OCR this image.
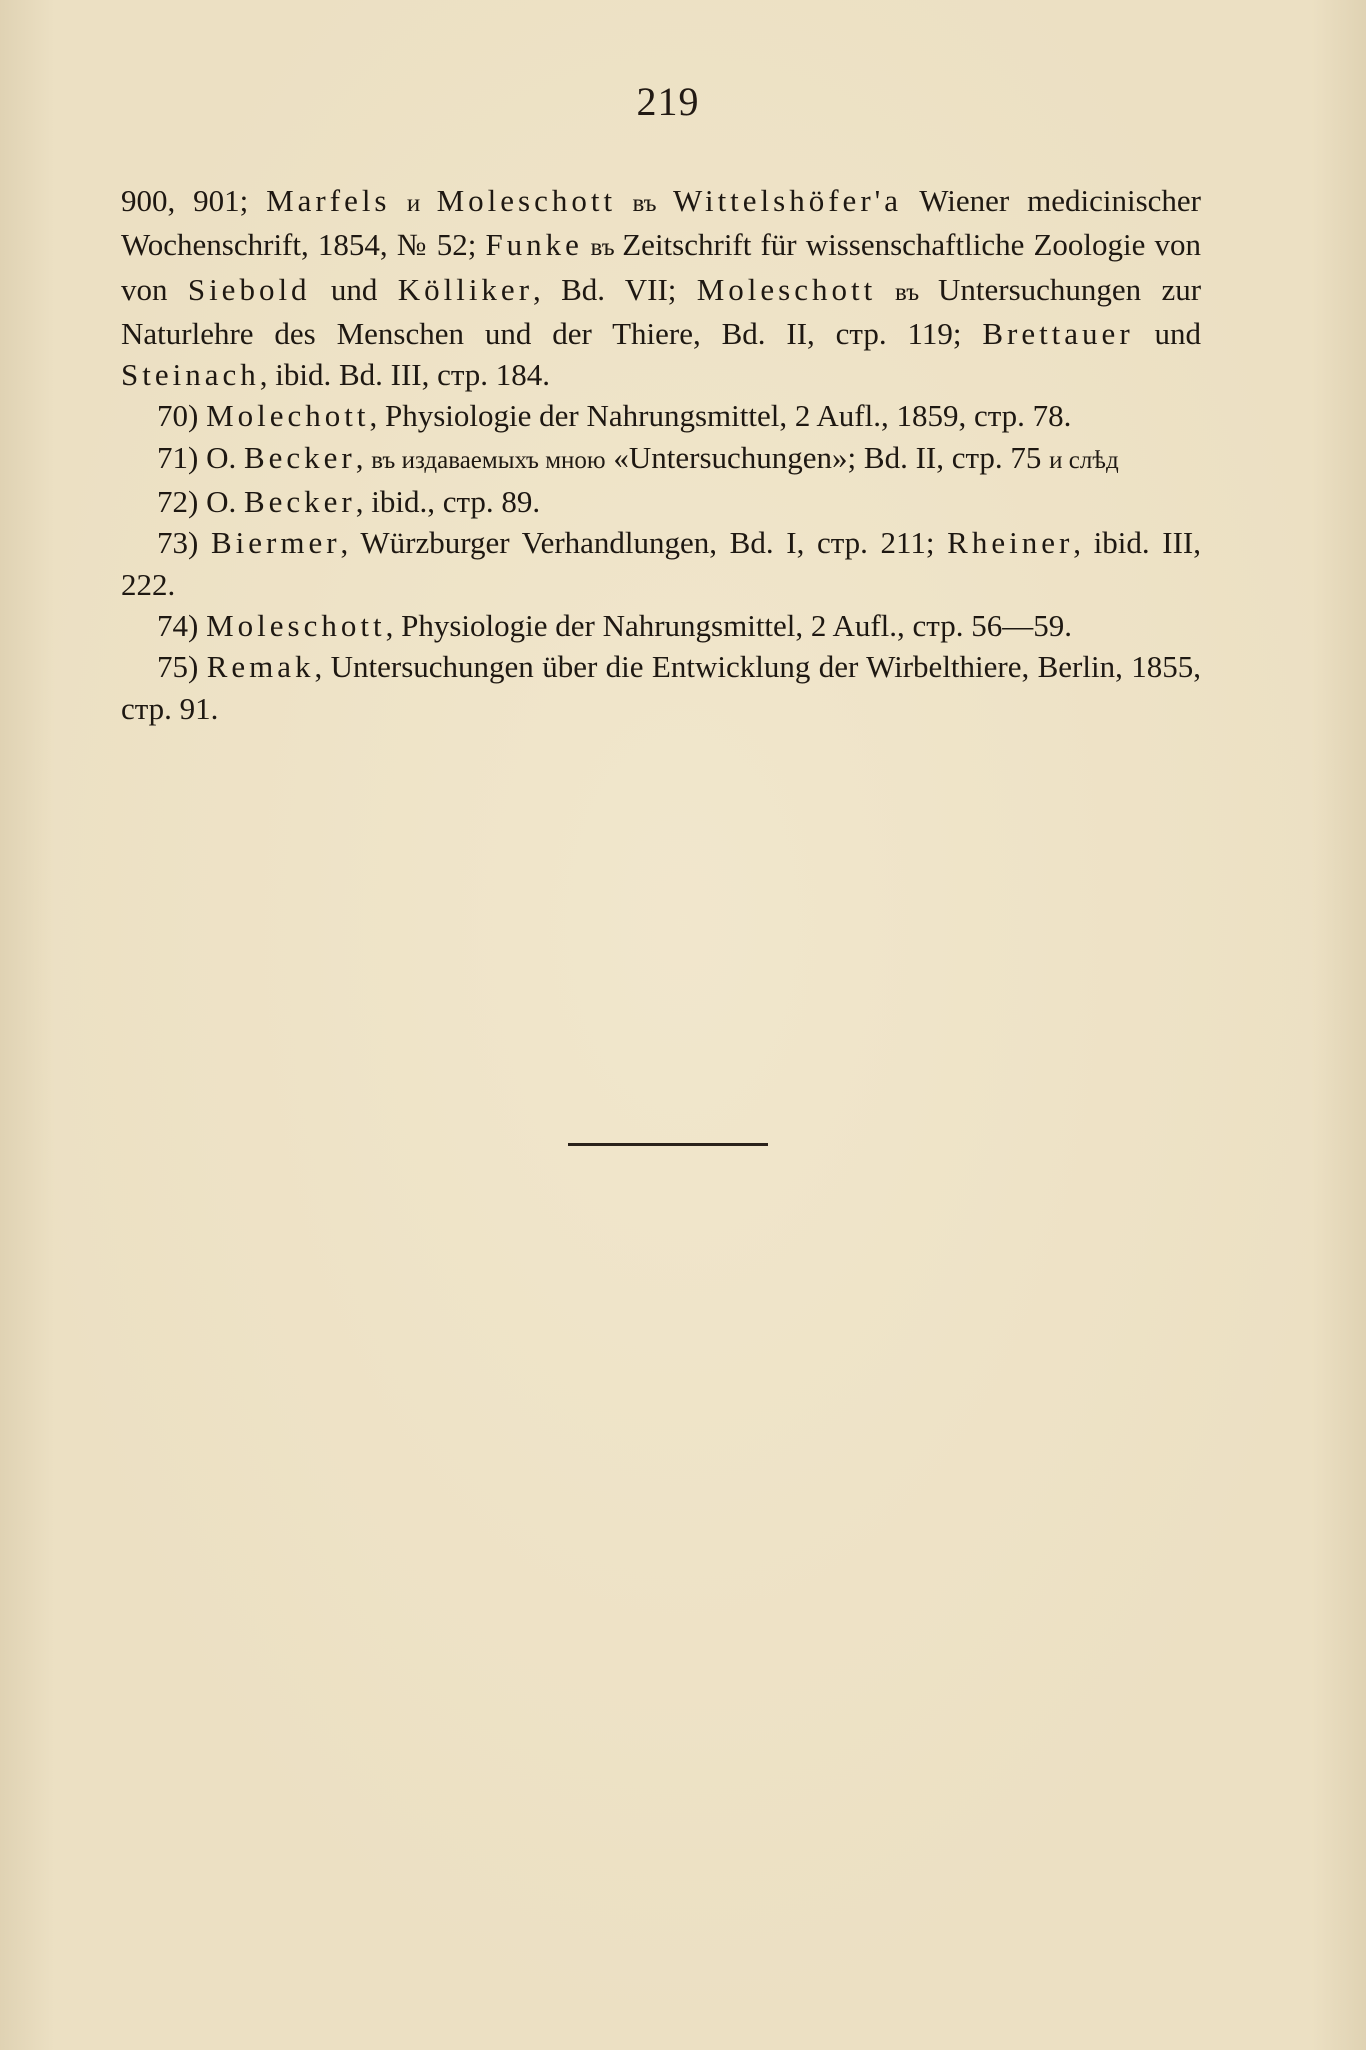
219

900, 901; Marfels и Moleschott въ Wittelshöfer'a Wiener medicinischer Wochenschrift, 1854, № 52; Funke въ Zeitschrift für wissenschaftliche Zoologie von von Siebold und Kölliker, Bd. VII; Moleschott въ Untersuchungen zur Naturlehre des Menschen und der Thiere, Bd. II, стр. 119; Brettauer und Steinach, ibid. Bd. III, стр. 184.

70) Molechott, Physiologie der Nahrungsmittel, 2 Aufl., 1859, стр. 78.

71) O. Becker, въ издаваемыхъ мною «Untersuchungen»; Bd. II, стр. 75 и слѣд

72) O. Becker, ibid., стр. 89.

73) Biermer, Würzburger Verhandlungen, Bd. I, стр. 211; Rheiner, ibid. III, 222.

74) Moleschott, Physiologie der Nahrungsmittel, 2 Aufl., стр. 56—59.

75) Remak, Untersuchungen über die Entwicklung der Wirbelthiere, Berlin, 1855, стр. 91.
